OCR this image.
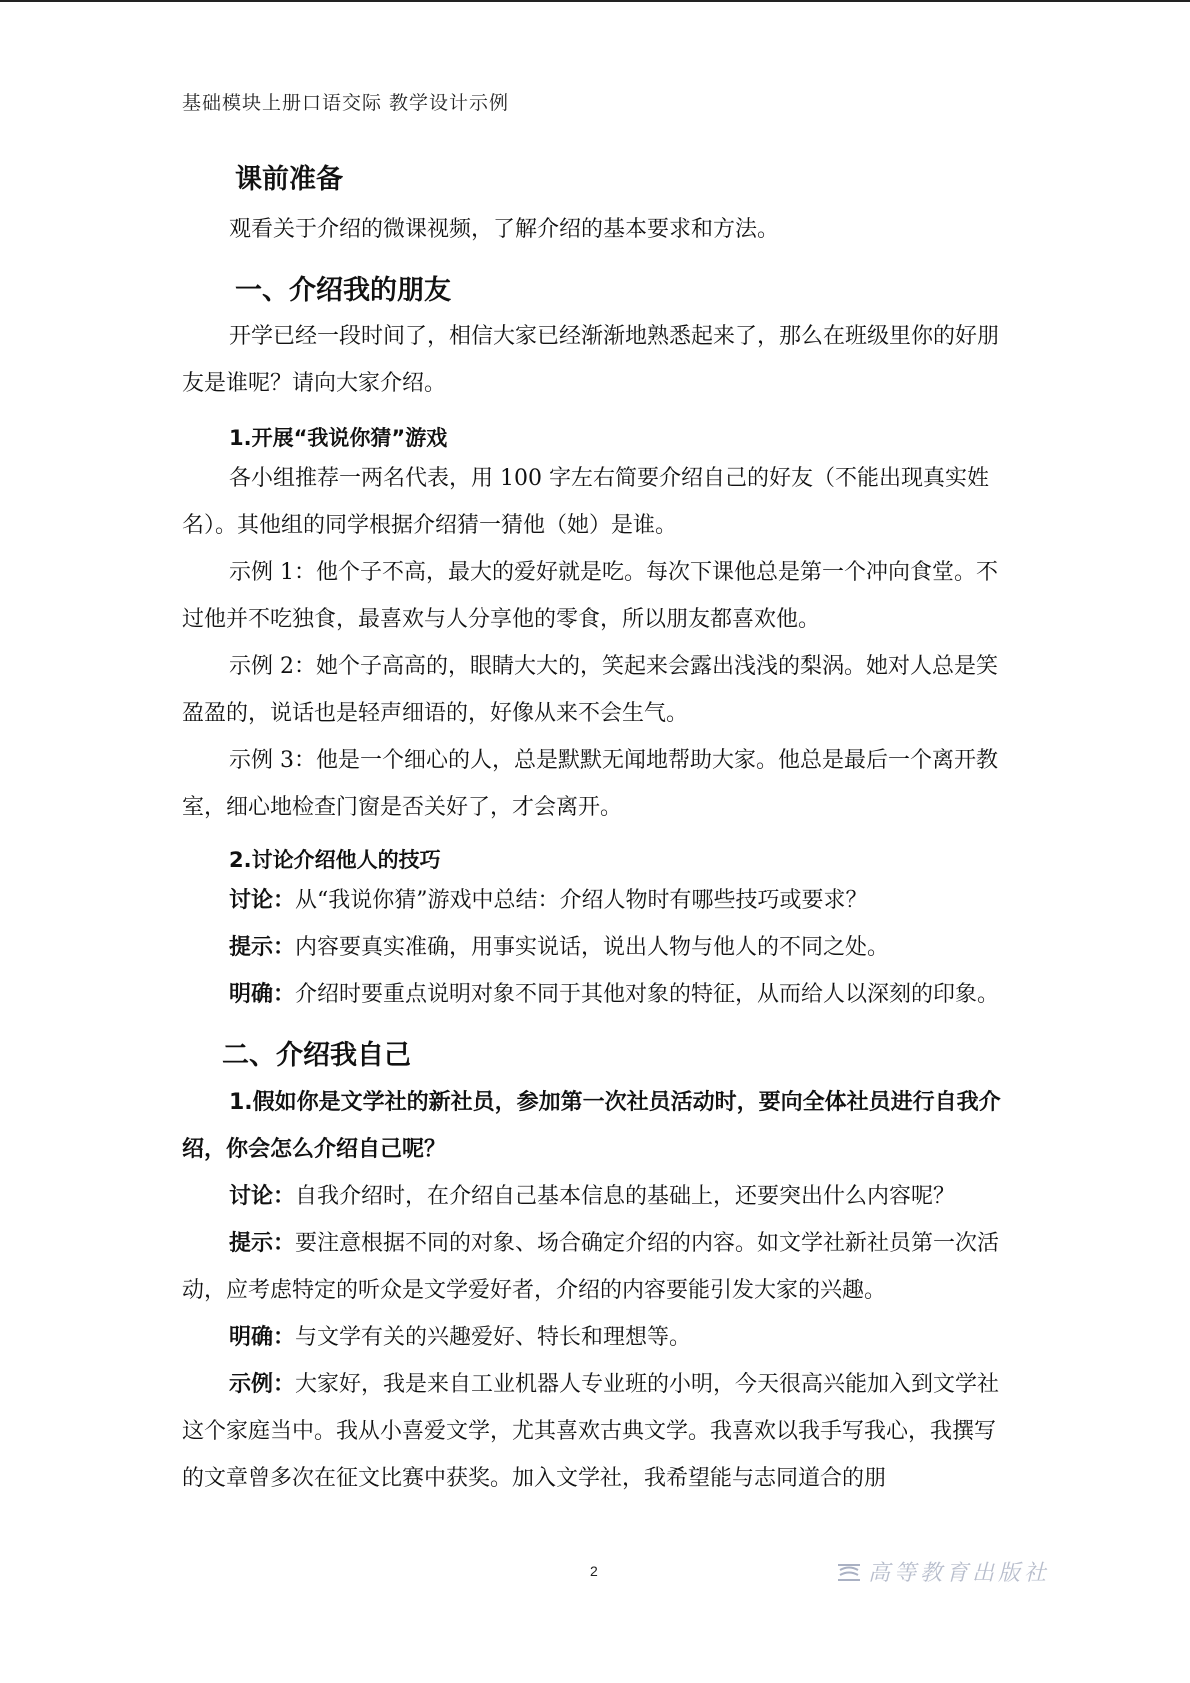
基础模块上册口语交际 教学设计示例
课前准备
观看关于介绍的微课视频，了解介绍的基本要求和方法。
一、介绍我的朋友
开学已经一段时间了，相信大家已经渐渐地熟悉起来了，那么在班级里你的好朋友是谁呢？请向大家介绍。
1.开展“我说你猜”游戏
各小组推荐一两名代表，用 100 字左右简要介绍自己的好友（不能出现真实姓名）。其他组的同学根据介绍猜一猜他（她）是谁。
示例 1：他个子不高，最大的爱好就是吃。每次下课他总是第一个冲向食堂。不过他并不吃独食，最喜欢与人分享他的零食，所以朋友都喜欢他。
示例 2：她个子高高的，眼睛大大的，笑起来会露出浅浅的梨涡。她对人总是笑盈盈的，说话也是轻声细语的，好像从来不会生气。
示例 3：他是一个细心的人，总是默默无闻地帮助大家。他总是最后一个离开教室，细心地检查门窗是否关好了，才会离开。
2.讨论介绍他人的技巧
讨论：从“我说你猜”游戏中总结：介绍人物时有哪些技巧或要求？
提示：内容要真实准确，用事实说话，说出人物与他人的不同之处。
明确：介绍时要重点说明对象不同于其他对象的特征，从而给人以深刻的印象。
二、介绍我自己
1.假如你是文学社的新社员，参加第一次社员活动时，要向全体社员进行自我介绍，你会怎么介绍自己呢？
讨论：自我介绍时，在介绍自己基本信息的基础上，还要突出什么内容呢？
提示：要注意根据不同的对象、场合确定介绍的内容。如文学社新社员第一次活动，应考虑特定的听众是文学爱好者，介绍的内容要能引发大家的兴趣。
明确：与文学有关的兴趣爱好、特长和理想等。
示例：大家好，我是来自工业机器人专业班的小明，今天很高兴能加入到文学社这个家庭当中。我从小喜爱文学，尤其喜欢古典文学。我喜欢以我手写我心，我撰写的文章曾多次在征文比赛中获奖。加入文学社，我希望能与志同道合的朋
2	高等教育出版社
